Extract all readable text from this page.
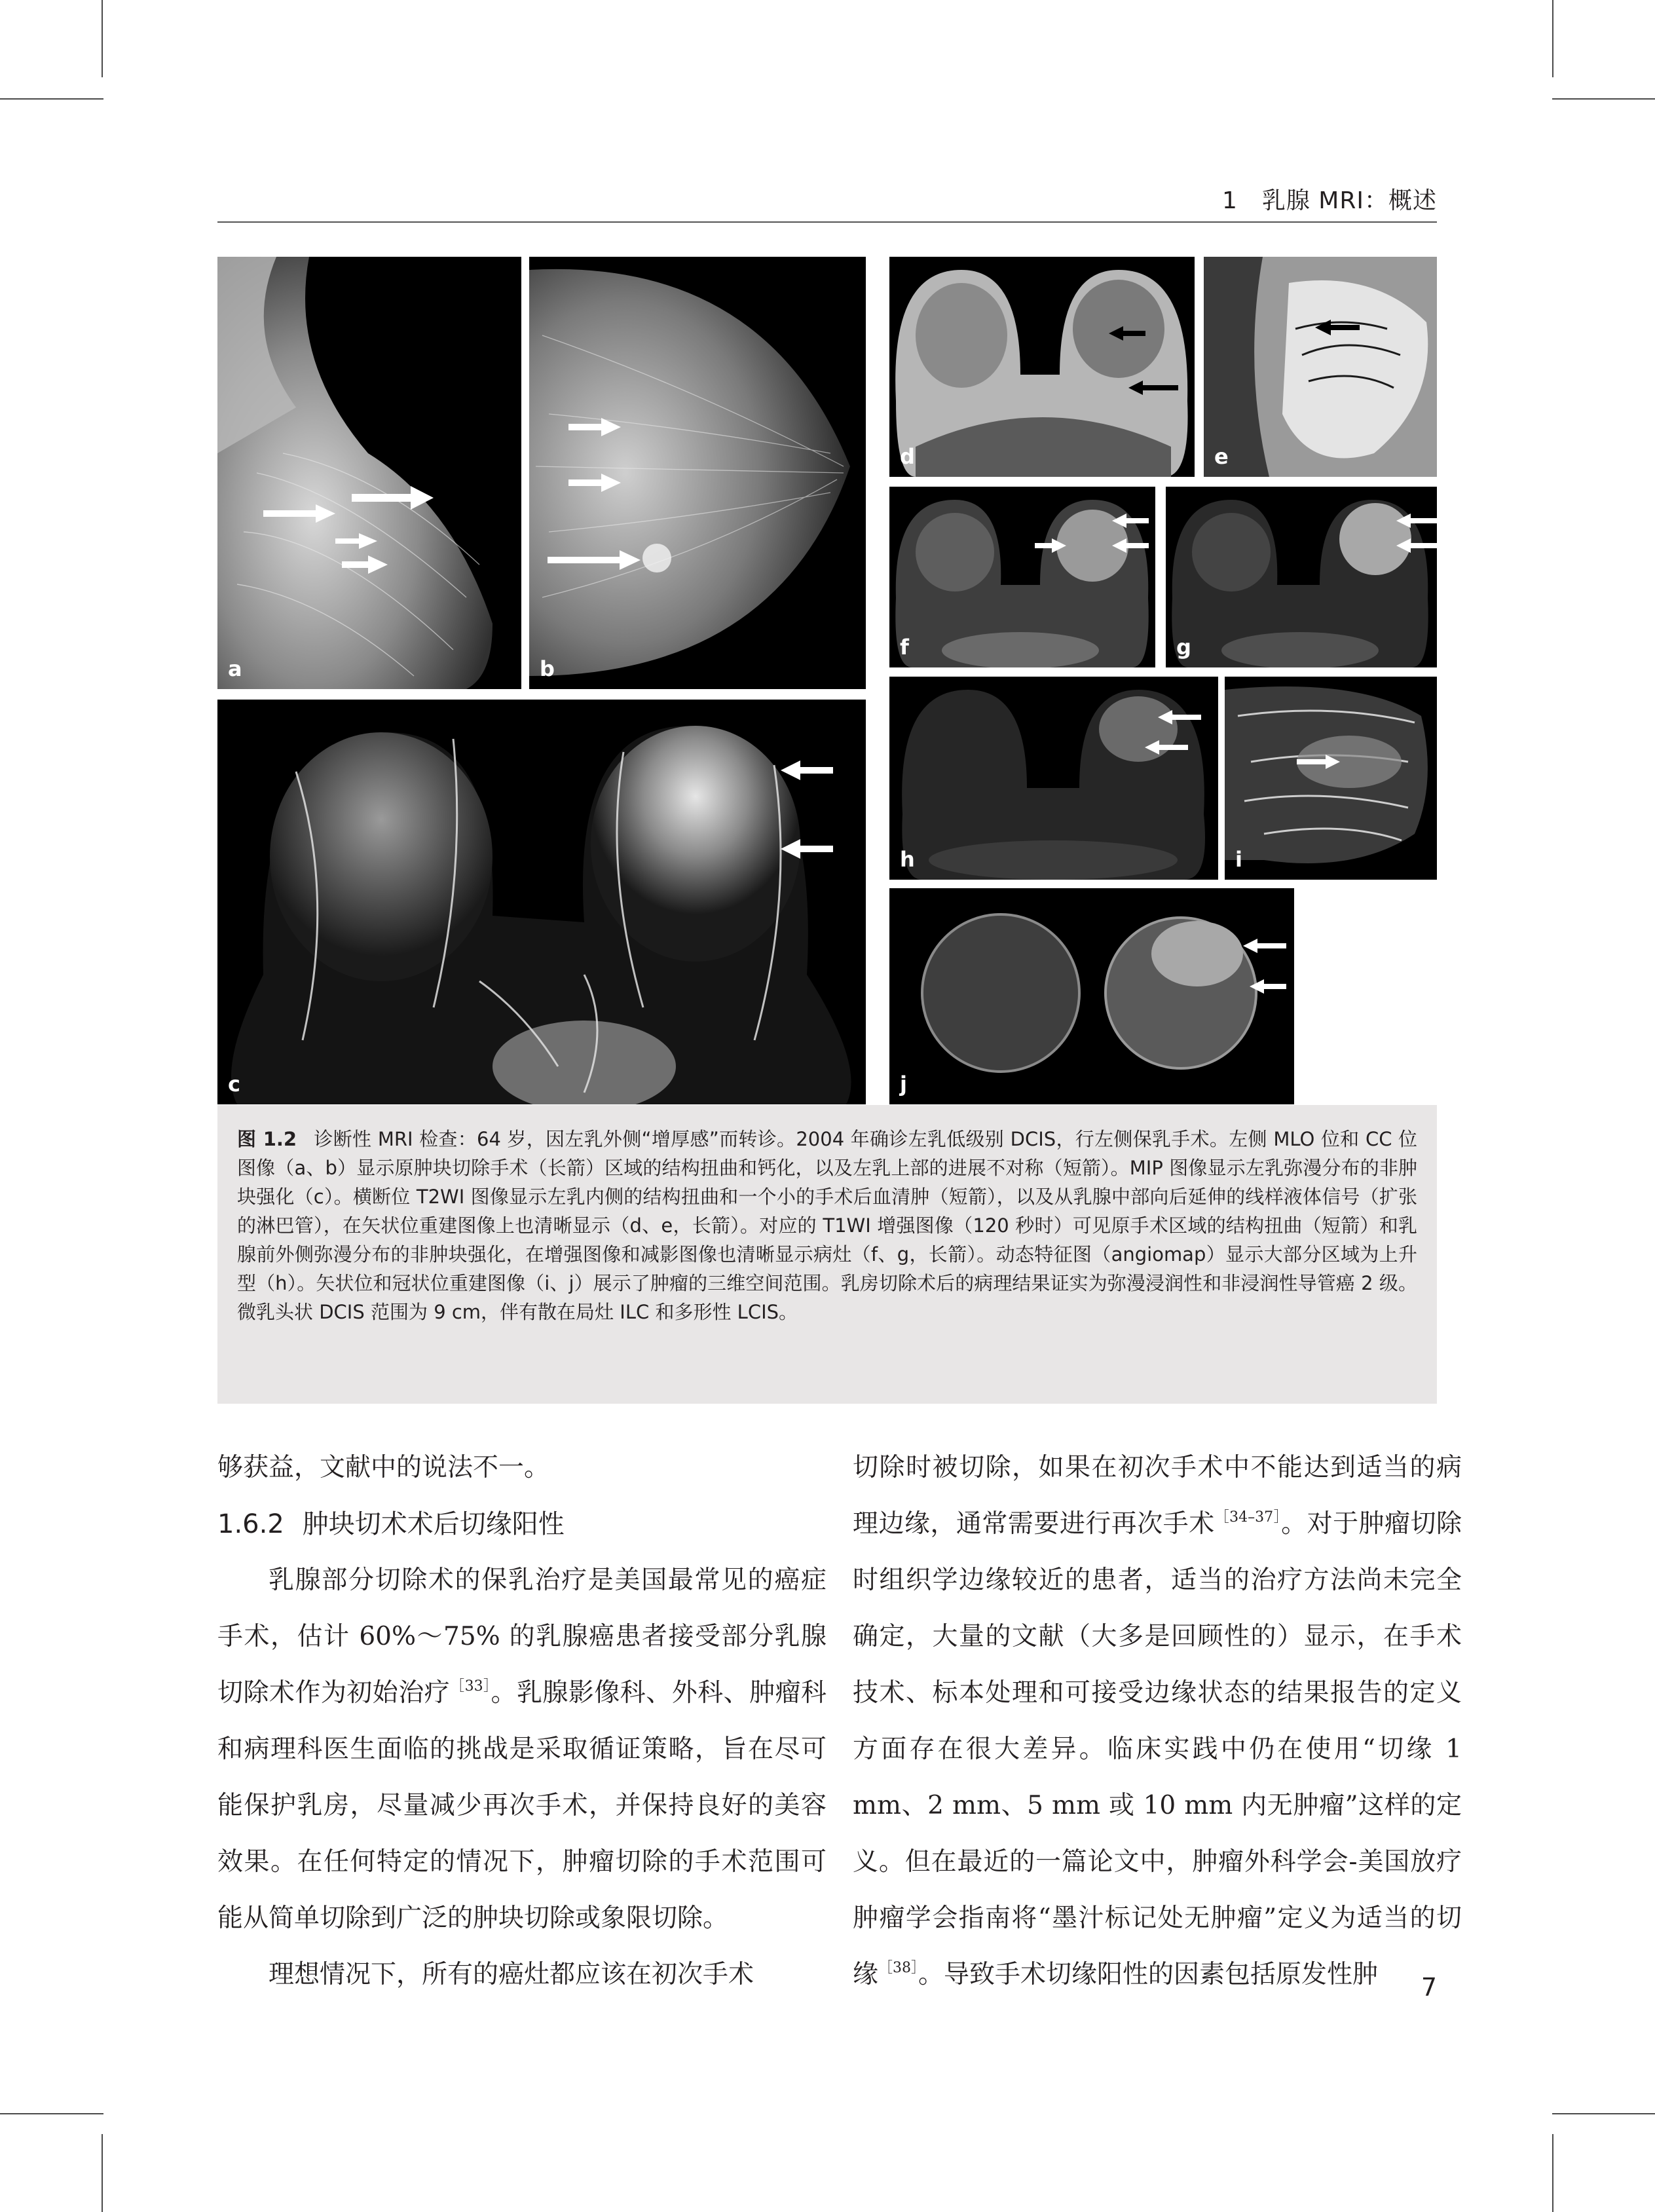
1　乳腺 MRI：概述
a	b
c
d	e
f	g
h	i
j
图 1.2 诊断性 MRI 检查：64 岁，因左乳外侧“增厚感”而转诊。2004 年确诊左乳低级别 DCIS，行左侧保乳手术。左侧 MLO 位和 CC 位图像（a、b）显示原肿块切除手术（长箭）区域的结构扭曲和钙化，以及左乳上部的进展不对称（短箭）。MIP 图像显示左乳弥漫分布的非肿块强化（c）。横断位 T2WI 图像显示左乳内侧的结构扭曲和一个小的手术后血清肿（短箭），以及从乳腺中部向后延伸的线样液体信号（扩张的淋巴管），在矢状位重建图像上也清晰显示（d、e，长箭）。对应的 T1WI 增强图像（120 秒时）可见原手术区域的结构扭曲（短箭）和乳腺前外侧弥漫分布的非肿块强化，在增强图像和减影图像也清晰显示病灶（f、g，长箭）。动态特征图（angiomap）显示大部分区域为上升型（h）。矢状位和冠状位重建图像（i、j）展示了肿瘤的三维空间范围。乳房切除术后的病理结果证实为弥漫浸润性和非浸润性导管癌 2 级。微乳头状 DCIS 范围为 9 cm，伴有散在局灶 ILC 和多形性 LCIS。

够获益，文献中的说法不一。

1.6.2 肿块切术术后切缘阳性

乳腺部分切除术的保乳治疗是美国最常见的癌症手术，估计 60%～75% 的乳腺癌患者接受部分乳腺切除术作为初始治疗$^{[33]}$。乳腺影像科、外科、肿瘤科和病理科医生面临的挑战是采取循证策略，旨在尽可能保护乳房，尽量减少再次手术，并保持良好的美容效果。在任何特定的情况下，肿瘤切除的手术范围可能从简单切除到广泛的肿块切除或象限切除。

理想情况下，所有的癌灶都应该在初次手术

切除时被切除，如果在初次手术中不能达到适当的病理边缘，通常需要进行再次手术$^{[34-37]}$。对于肿瘤切除时组织学边缘较近的患者，适当的治疗方法尚未完全确定，大量的文献（大多是回顾性的）显示，在手术技术、标本处理和可接受边缘状态的结果报告的定义方面存在很大差异。临床实践中仍在使用“切缘 1 mm、2 mm、5 mm 或 10 mm 内无肿瘤”这样的定义。但在最近的一篇论文中，肿瘤外科学会-美国放疗肿瘤学会指南将“墨汁标记处无肿瘤”定义为适当的切缘$^{[38]}$。导致手术切缘阳性的因素包括原发性肿	7
